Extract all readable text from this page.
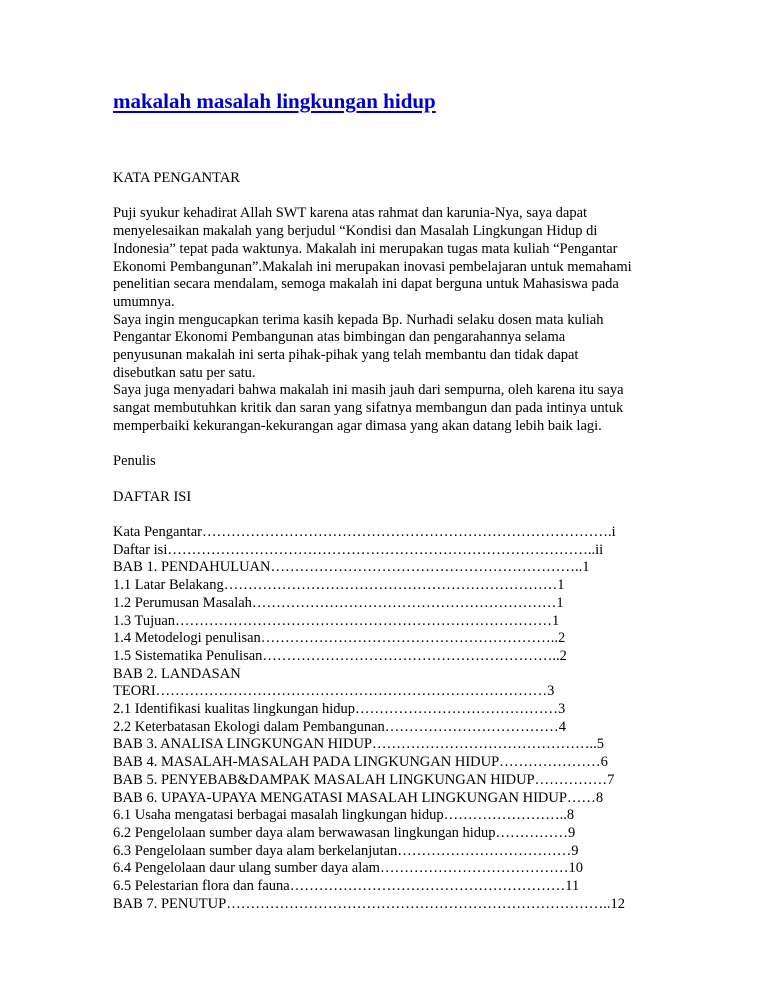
makalah masalah lingkungan hidup

KATA PENGANTAR

Puji syukur kehadirat Allah SWT karena atas rahmat dan karunia-Nya, saya dapat

menyelesaikan makalah yang berjudul “Kondisi dan Masalah Lingkungan Hidup di

Indonesia” tepat pada waktunya. Makalah ini merupakan tugas mata kuliah “Pengantar

Ekonomi Pembangunan”.Makalah ini merupakan inovasi pembelajaran untuk memahami

penelitian secara mendalam, semoga makalah ini dapat berguna untuk Mahasiswa pada

umumnya.

Saya ingin mengucapkan terima kasih kepada Bp. Nurhadi selaku dosen mata kuliah

Pengantar Ekonomi Pembangunan atas bimbingan dan pengarahannya selama

penyusunan makalah ini serta pihak-pihak yang telah membantu dan tidak dapat

disebutkan satu per satu.

Saya juga menyadari bahwa makalah ini masih jauh dari sempurna, oleh karena itu saya

sangat membutuhkan kritik dan saran yang sifatnya membangun dan pada intinya untuk

memperbaiki kekurangan-kekurangan agar dimasa yang akan datang lebih baik lagi.

Penulis

DAFTAR ISI

Kata Pengantar………………………………………………………………………….i

Daftar isi……………………………………………………………………………..ii

BAB 1. PENDAHULUAN………………………………………………………..1

1.1 Latar Belakang……………………………………………………………1

1.2 Perumusan Masalah………………………………………………………1

1.3 Tujuan……………………………………………………………………1

1.4 Metodelogi penulisan……………………………………………………..2

1.5 Sistematika Penulisan……………………………………………………..2

BAB 2. LANDASAN

TEORI………………………………………………………………………3

2.1 Identifikasi kualitas lingkungan hidup……………………………………3

2.2 Keterbatasan Ekologi dalam Pembangunan………………………………4

BAB 3. ANALISA LINGKUNGAN HIDUP………………………………………..5

BAB 4. MASALAH-MASALAH PADA LINGKUNGAN HIDUP…………………6

BAB 5. PENYEBAB&DAMPAK MASALAH LINGKUNGAN HIDUP……………7

BAB 6. UPAYA-UPAYA MENGATASI MASALAH LINGKUNGAN HIDUP……8

6.1 Usaha mengatasi berbagai masalah lingkungan hidup……………………..8

6.2 Pengelolaan sumber daya alam berwawasan lingkungan hidup……………9

6.3 Pengelolaan sumber daya alam berkelanjutan………………………………9

6.4 Pengelolaan daur ulang sumber daya alam…………………………………10

6.5 Pelestarian flora dan fauna…………………………………………………11

BAB 7. PENUTUP……………………………………………………………………..12
